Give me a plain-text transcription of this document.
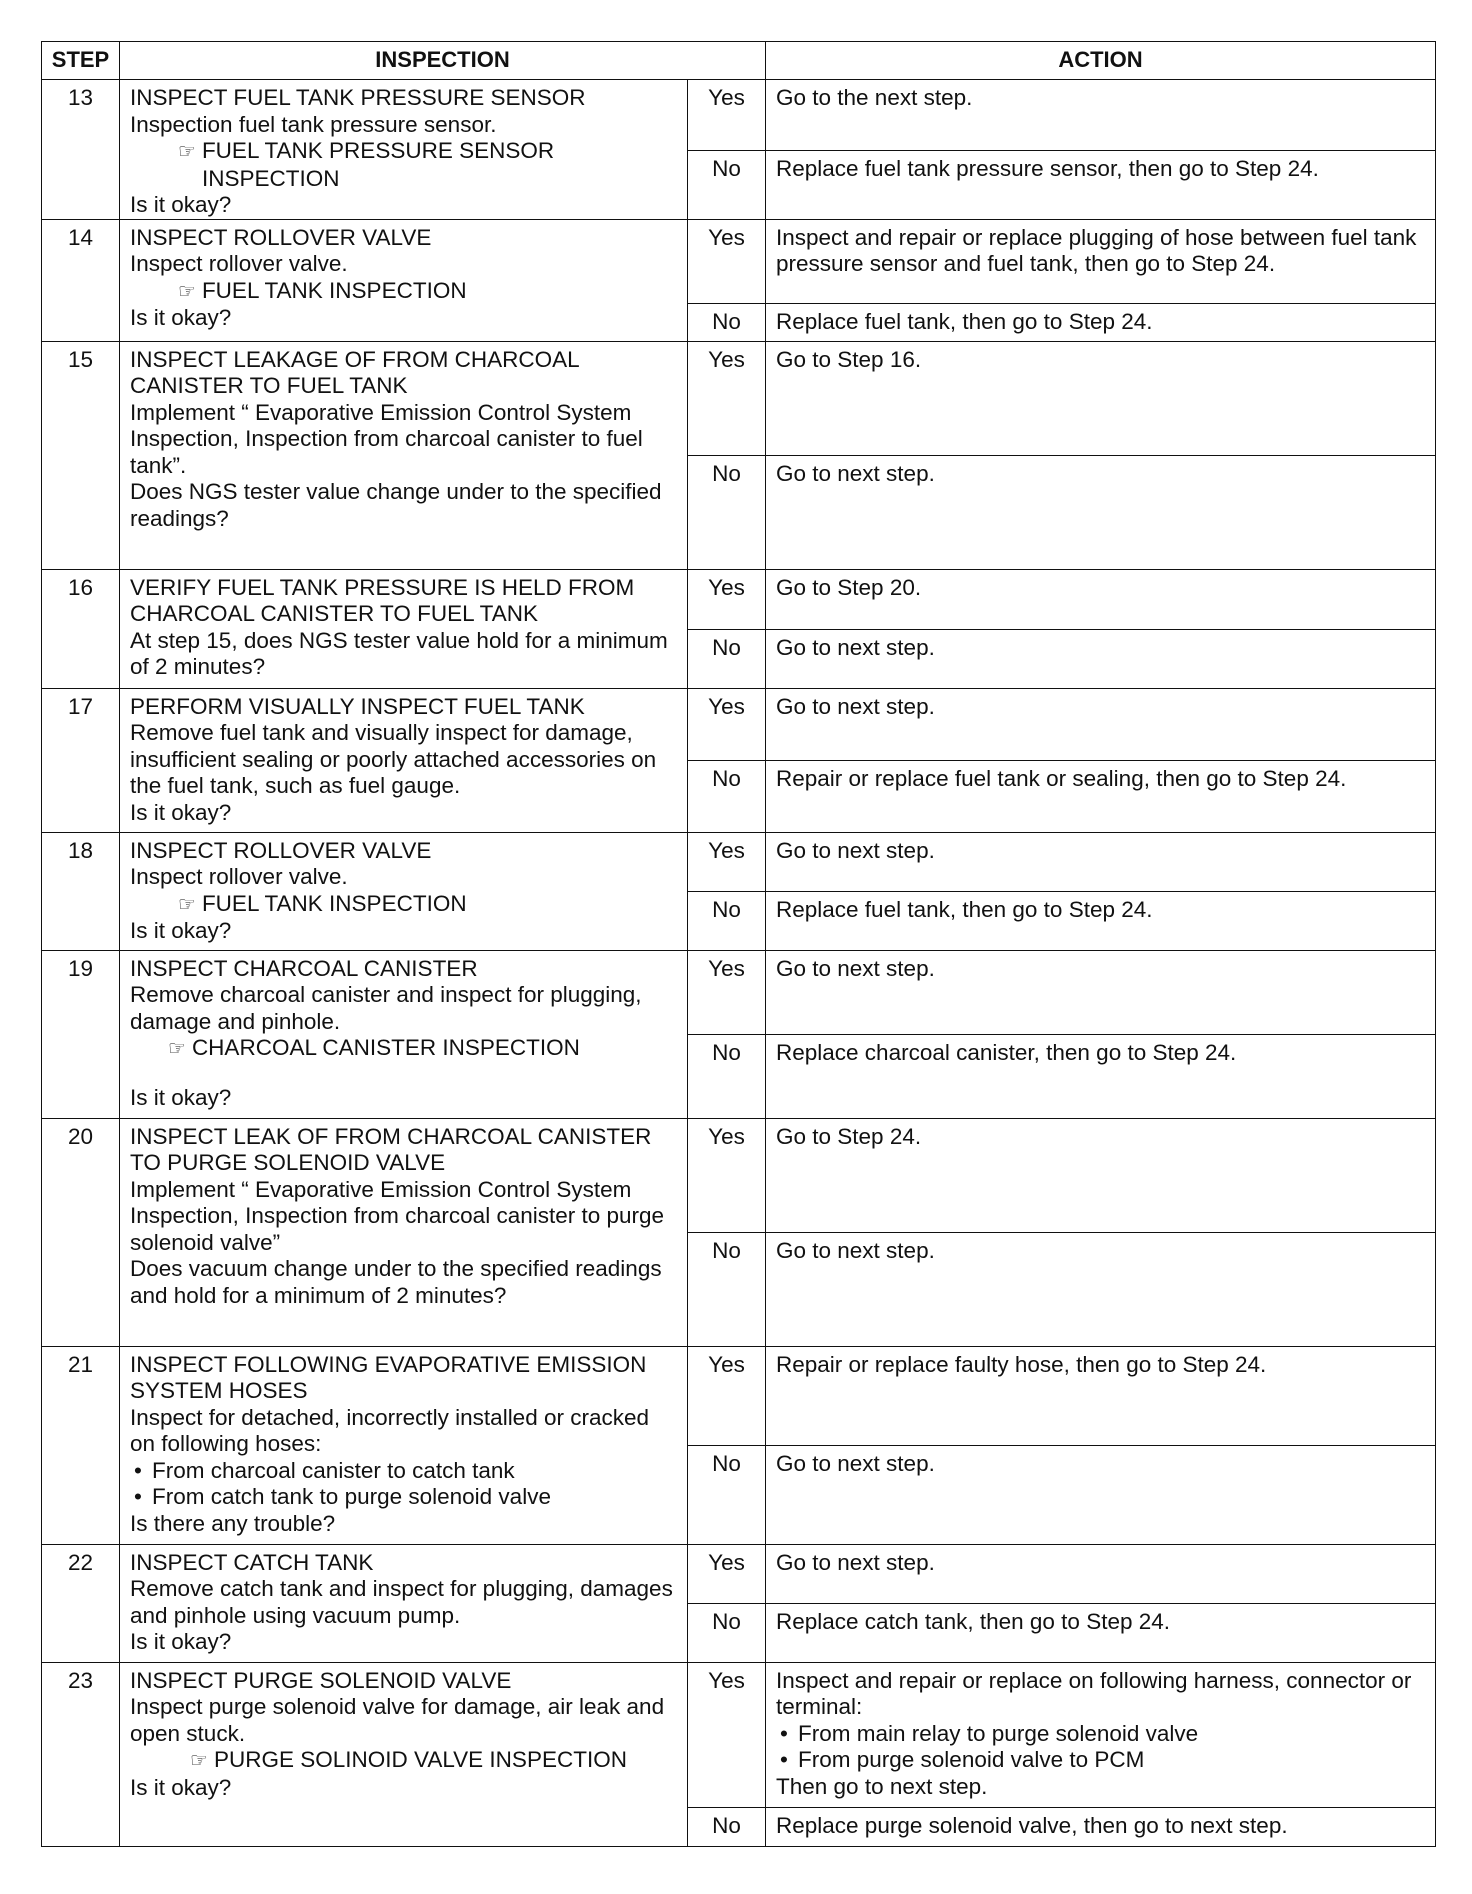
STEP	INSPECTION		ACTION
13	INSPECT FUEL TANK PRESSURE SENSOR
Inspection fuel tank pressure sensor.
☞ FUEL TANK PRESSURE SENSOR
INSPECTION
Is it okay?	Yes	Go to the next step.
		No	Replace fuel tank pressure sensor, then go to Step 24.
14	INSPECT ROLLOVER VALVE
Inspect rollover valve.
☞ FUEL TANK INSPECTION
Is it okay?	Yes	Inspect and repair or replace plugging of hose between fuel tank pressure sensor and fuel tank, then go to Step 24.
		No	Replace fuel tank, then go to Step 24.
15	INSPECT LEAKAGE OF FROM CHARCOAL CANISTER TO FUEL TANK
Implement “ Evaporative Emission Control System Inspection, Inspection from charcoal canister to fuel tank”.
Does NGS tester value change under to the specified readings?	Yes	Go to Step 16.
		No	Go to next step.
16	VERIFY FUEL TANK PRESSURE IS HELD FROM CHARCOAL CANISTER TO FUEL TANK
At step 15, does NGS tester value hold for a minimum of 2 minutes?	Yes	Go to Step 20.
		No	Go to next step.
17	PERFORM VISUALLY INSPECT FUEL TANK
Remove fuel tank and visually inspect for damage, insufficient sealing or poorly attached accessories on the fuel tank, such as fuel gauge.
Is it okay?	Yes	Go to next step.
		No	Repair or replace fuel tank or sealing, then go to Step 24.
18	INSPECT ROLLOVER VALVE
Inspect rollover valve.
☞ FUEL TANK INSPECTION
Is it okay?	Yes	Go to next step.
		No	Replace fuel tank, then go to Step 24.
19	INSPECT CHARCOAL CANISTER
Remove charcoal canister and inspect for plugging, damage and pinhole.
☞ CHARCOAL CANISTER INSPECTION
Is it okay?	Yes	Go to next step.
		No	Replace charcoal canister, then go to Step 24.
20	INSPECT LEAK OF FROM CHARCOAL CANISTER TO PURGE SOLENOID VALVE
Implement “ Evaporative Emission Control System Inspection, Inspection from charcoal canister to purge solenoid valve”
Does vacuum change under to the specified readings and hold for a minimum of 2 minutes?	Yes	Go to Step 24.
		No	Go to next step.
21	INSPECT FOLLOWING EVAPORATIVE EMISSION SYSTEM HOSES
Inspect for detached, incorrectly installed or cracked on following hoses:
• From charcoal canister to catch tank
• From catch tank to purge solenoid valve
Is there any trouble?	Yes	Repair or replace faulty hose, then go to Step 24.
		No	Go to next step.
22	INSPECT CATCH TANK
Remove catch tank and inspect for plugging, damages and pinhole using vacuum pump.
Is it okay?	Yes	Go to next step.
		No	Replace catch tank, then go to Step 24.
23	INSPECT PURGE SOLENOID VALVE
Inspect purge solenoid valve for damage, air leak and open stuck.
☞ PURGE SOLINOID VALVE INSPECTION
Is it okay?	Yes	Inspect and repair or replace on following harness, connector or terminal:
• From main relay to purge solenoid valve
• From purge solenoid valve to PCM
Then go to next step.

		No	Replace purge solenoid valve, then go to next step.
